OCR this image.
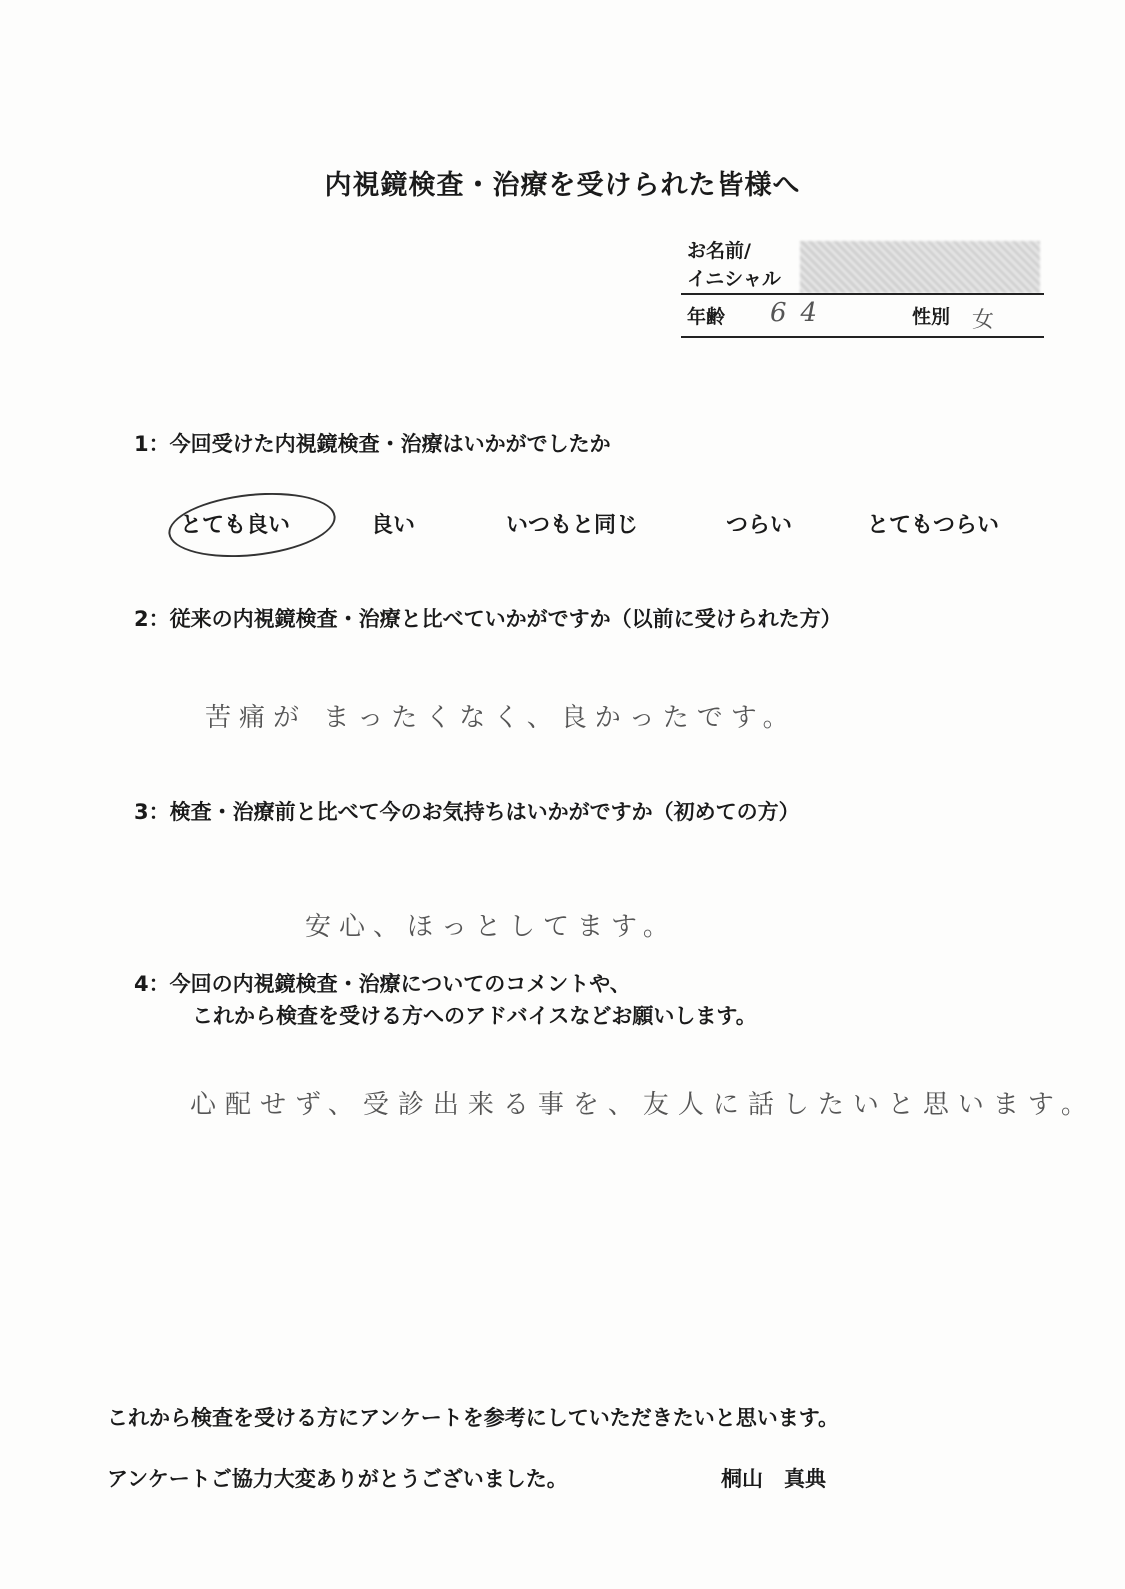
内視鏡検査・治療を受けられた皆様へ
お名前/
イニシャル
年齢 64	性別 女
1：今回受けた内視鏡検査・治療はいかがでしたか
とても良い	良い	いつもと同じ	つらい	とてもつらい
2：従来の内視鏡検査・治療と比べていかがですか（以前に受けられた方）
苦痛が まったくなく、良かったです。
3：検査・治療前と比べて今のお気持ちはいかがですか（初めての方）
安心、ほっとしてます。
4：今回の内視鏡検査・治療についてのコメントや、
これから検査を受ける方へのアドバイスなどお願いします。
心配せず、受診出来る事を、友人に話したいと思います。
これから検査を受ける方にアンケートを参考にしていただきたいと思います。
アンケートご協力大変ありがとうございました。	桐山　真典
